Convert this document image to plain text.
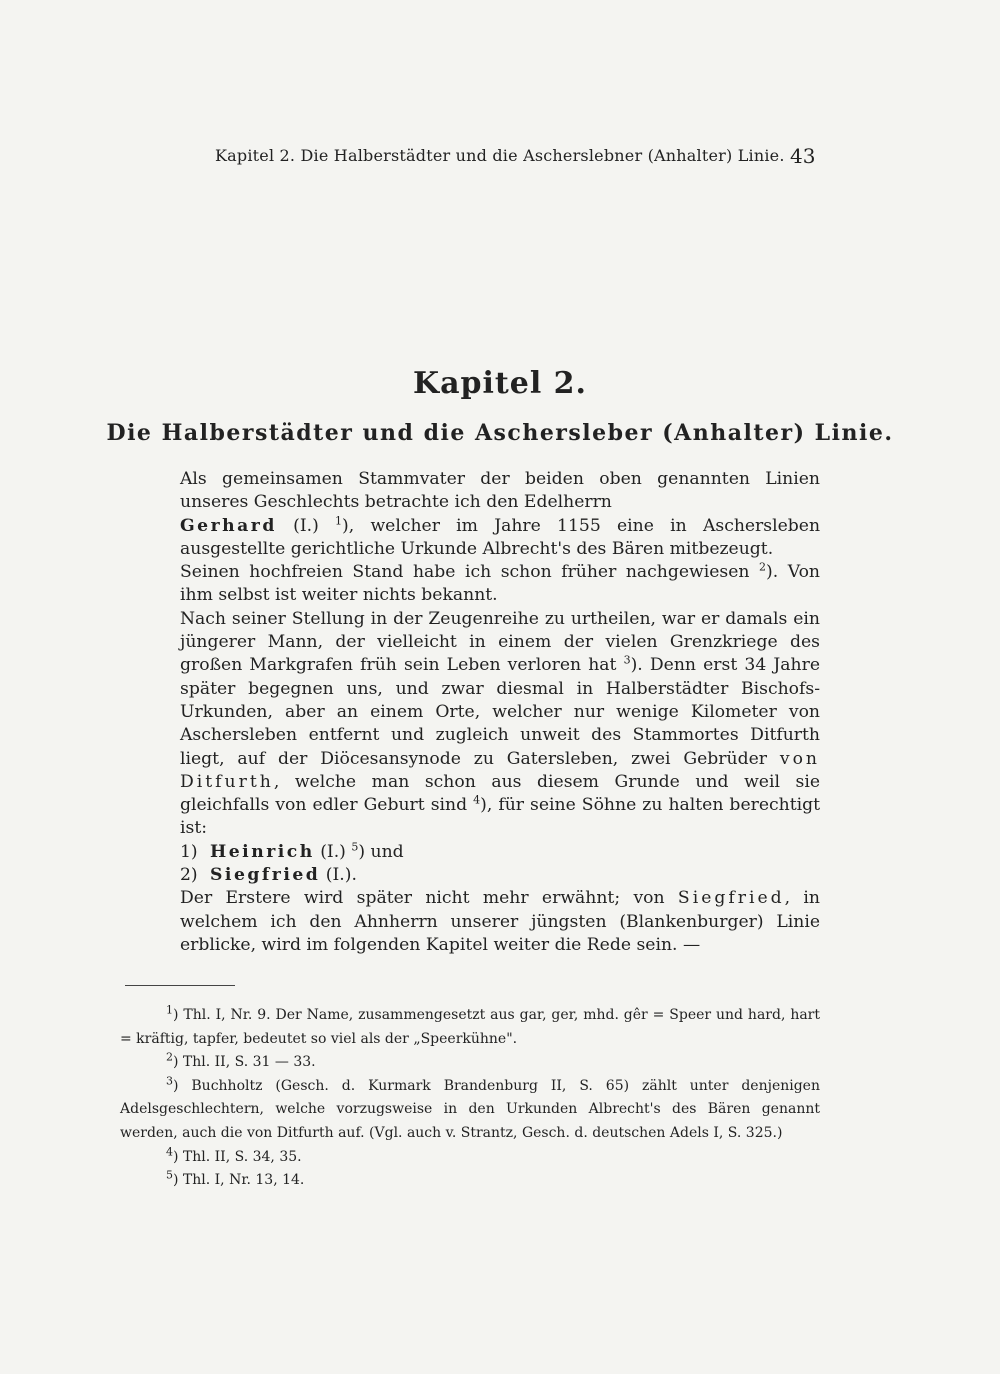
Kapitel 2. Die Halberstädter und die Ascherslebner (Anhalter) Linie. 43
Kapitel 2.
Die Halberstädter und die Aschersleber (Anhalter) Linie.

Als gemeinsamen Stammvater der beiden oben genannten Linien unseres Geschlechts betrachte ich den Edelherrn

Gerhard (I.) $^1$), welcher im Jahre 1155 eine in Aschersleben ausgestellte gerichtliche Urkunde Albrecht's des Bären mitbezeugt.

Seinen hochfreien Stand habe ich schon früher nachgewiesen $^2$). Von ihm selbst ist weiter nichts bekannt.

Nach seiner Stellung in der Zeugenreihe zu urtheilen, war er damals ein jüngerer Mann, der vielleicht in einem der vielen Grenzkriege des großen Markgrafen früh sein Leben verloren hat $^3$). Denn erst 34 Jahre später begegnen uns, und zwar diesmal in Halberstädter Bischofs-Urkunden, aber an einem Orte, welcher nur wenige Kilometer von Aschersleben entfernt und zugleich unweit des Stammortes Ditfurth liegt, auf der Diöcesansynode zu Gatersleben, zwei Gebrüder von Ditfurth, welche man schon aus diesem Grunde und weil sie gleichfalls von edler Geburt sind $^4$), für seine Söhne zu halten berechtigt ist:

1) Heinrich (I.) $^5$) und

2) Siegfried (I.).

Der Erstere wird später nicht mehr erwähnt; von Siegfried, in welchem ich den Ahnherrn unserer jüngsten (Blankenburger) Linie erblicke, wird im folgenden Kapitel weiter die Rede sein. —

$^1$) Thl. I, Nr. 9. Der Name, zusammengesetzt aus gar, ger, mhd. gêr = Speer und hard, hart = kräftig, tapfer, bedeutet so viel als der „Speerkühne".

$^2$) Thl. II, S. 31 — 33.

$^3$) Buchholtz (Gesch. d. Kurmark Brandenburg II, S. 65) zählt unter denjenigen Adelsgeschlechtern, welche vorzugsweise in den Urkunden Albrecht's des Bären genannt werden, auch die von Ditfurth auf. (Vgl. auch v. Strantz, Gesch. d. deutschen Adels I, S. 325.)

$^4$) Thl. II, S. 34, 35.

$^5$) Thl. I, Nr. 13, 14.
